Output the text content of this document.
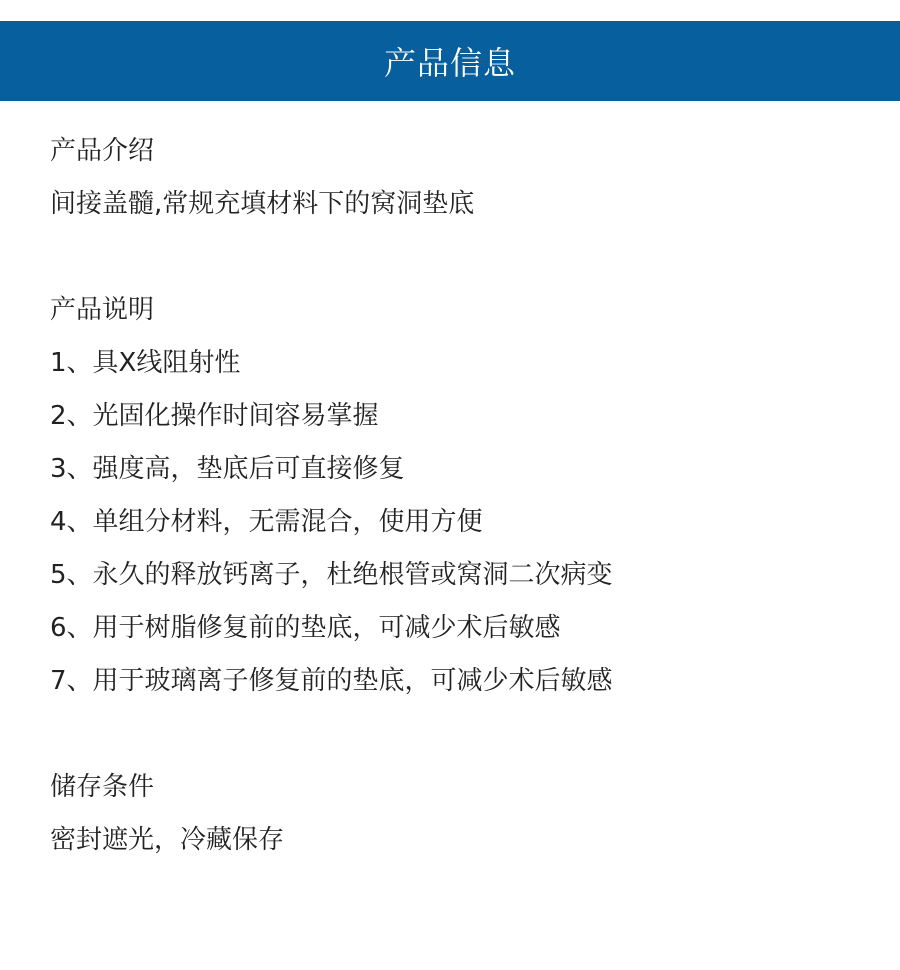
产品信息
产品介绍
间接盖髓,常规充填材料下的窝洞垫底
产品说明
1、具X线阻射性
2、光固化操作时间容易掌握
3、强度高，垫底后可直接修复
4、单组分材料，无需混合，使用方便
5、永久的释放钙离子，杜绝根管或窝洞二次病变
6、用于树脂修复前的垫底，可减少术后敏感
7、用于玻璃离子修复前的垫底，可减少术后敏感
储存条件
密封遮光，冷藏保存
